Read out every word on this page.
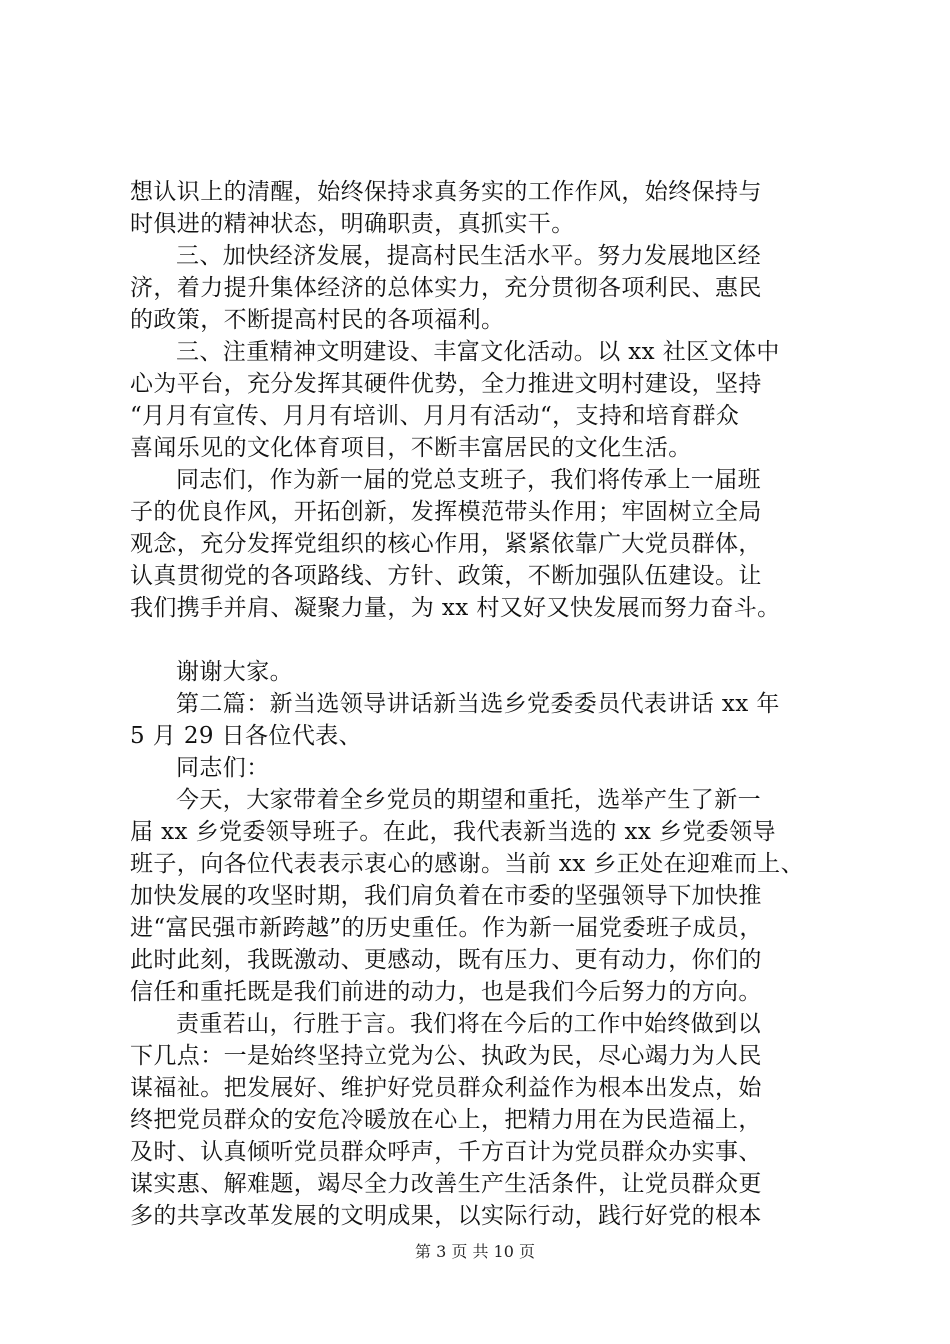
想认识上的清醒，始终保持求真务实的工作作风，始终保持与
时俱进的精神状态，明确职责，真抓实干。
三、加快经济发展，提高村民生活水平。努力发展地区经
济，着力提升集体经济的总体实力，充分贯彻各项利民、惠民
的政策，不断提高村民的各项福利。
三、注重精神文明建设、丰富文化活动。以 xx 社区文体中
心为平台，充分发挥其硬件优势，全力推进文明村建设，坚持
“月月有宣传、月月有培训、月月有活动“，支持和培育群众
喜闻乐见的文化体育项目，不断丰富居民的文化生活。
同志们，作为新一届的党总支班子，我们将传承上一届班
子的优良作风，开拓创新，发挥模范带头作用；牢固树立全局
观念，充分发挥党组织的核心作用，紧紧依靠广大党员群体，
认真贯彻党的各项路线、方针、政策，不断加强队伍建设。让
我们携手并肩、凝聚力量，为 xx 村又好又快发展而努力奋斗。
谢谢大家。
第二篇：新当选领导讲话新当选乡党委委员代表讲话 xx 年
5 月 29 日各位代表、
同志们：
今天，大家带着全乡党员的期望和重托，选举产生了新一
届 xx 乡党委领导班子。在此，我代表新当选的 xx 乡党委领导
班子，向各位代表表示衷心的感谢。当前 xx 乡正处在迎难而上、
加快发展的攻坚时期，我们肩负着在市委的坚强领导下加快推
进“富民强市新跨越”的历史重任。作为新一届党委班子成员，
此时此刻，我既激动、更感动，既有压力、更有动力，你们的
信任和重托既是我们前进的动力，也是我们今后努力的方向。
责重若山，行胜于言。我们将在今后的工作中始终做到以
下几点：一是始终坚持立党为公、执政为民，尽心竭力为人民
谋福祉。把发展好、维护好党员群众利益作为根本出发点，始
终把党员群众的安危冷暖放在心上，把精力用在为民造福上，
及时、认真倾听党员群众呼声，千方百计为党员群众办实事、
谋实惠、解难题，竭尽全力改善生产生活条件，让党员群众更
多的共享改革发展的文明成果，以实际行动，践行好党的根本
第 3 页 共 10 页
